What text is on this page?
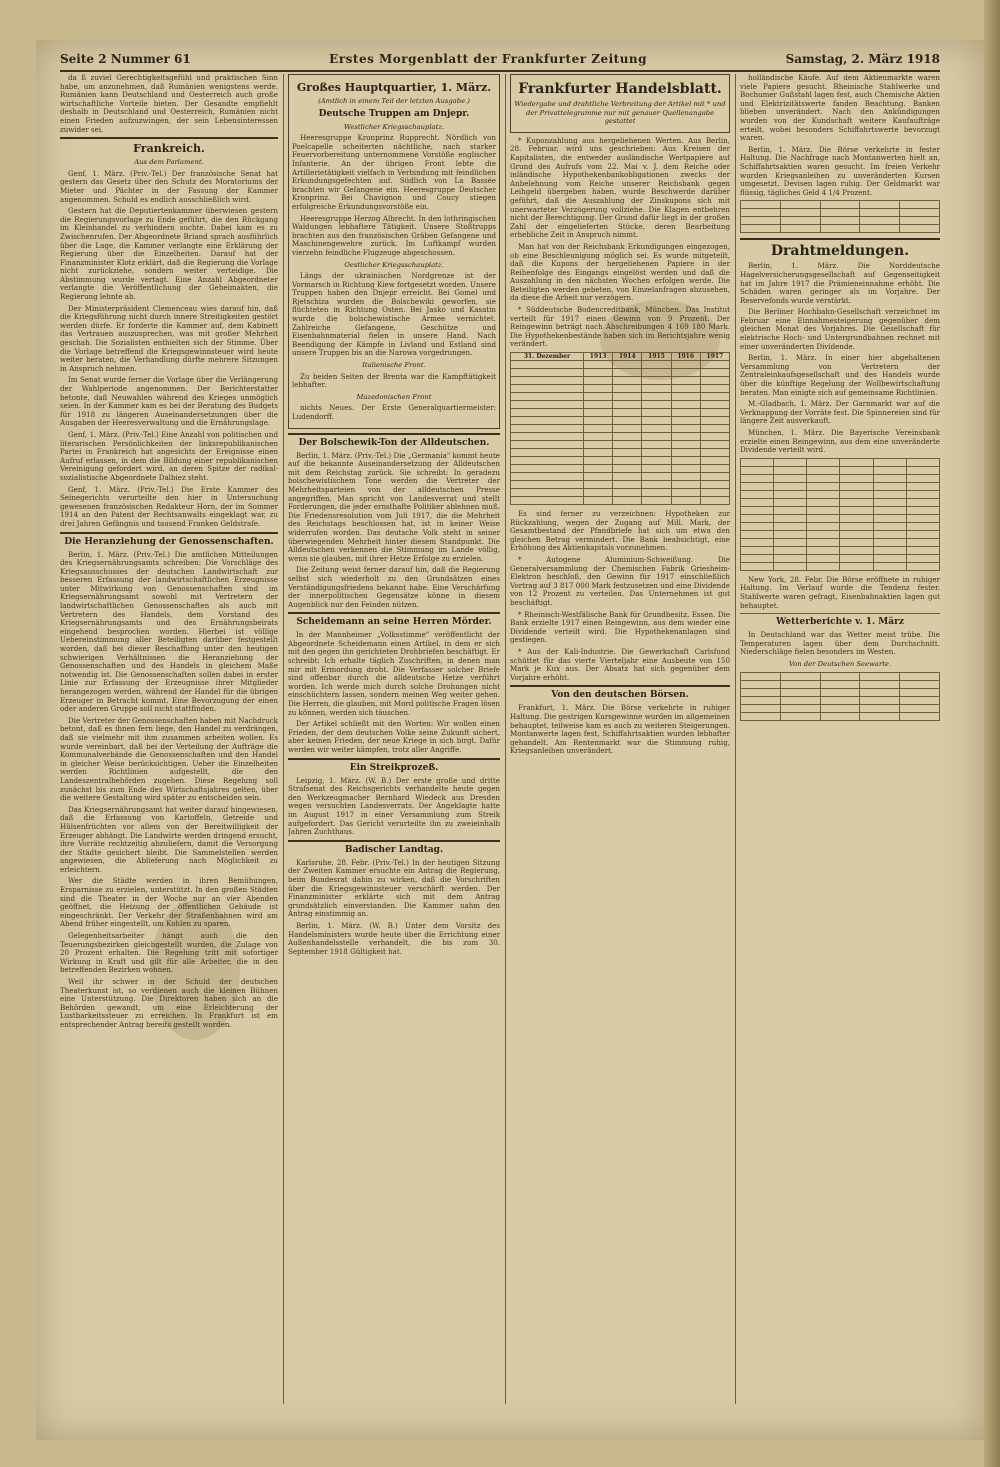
Seite 2 Nummer 61	Erstes Morgenblatt der Frankfurter Zeitung	Samstag, 2. März 1918

da ß zuviel Gerechtigkeitsgefühl und praktischen Sinn habe, um anzunehmen, daß Rumänien wenigstens werde. Rumänien kann Deutschland und Oesterreich auch große wirtschaftliche Vorteile bieten. Der Gesandte empfiehlt deshalb in Deutschland und Oesterreich, Rumänien nicht einen Frieden aufzuzwingen, der sein Lebensinteressen zuwider sei.

Frankreich.
Aus dem Parlament.

Genf, 1. März. (Priv.-Tel.) Der französische Senat hat gestern das Gesetz über den Schutz des Moratoriums der Mieter und Pächter in der Fassung der Kammer angenommen. Schuld es endlich ausschließlich wird.

Gestern hat die Deputiertenkammer überwiesen gestern die Regierungsvorlage zu Ende geführt, die den Rückgang im Kleinhandel zu verhindern suchte. Dabei kam es zu Zwischenrufen. Der Abgeordnete Briand sprach ausführlich über die Lage, die Kammer verlangte eine Erklärung der Regierung über die Einzelheiten. Darauf hat der Finanzminister Klotz erklärt, daß die Regierung die Vorlage nicht zurückziehe, sondern weiter verteidige. Die Abstimmung wurde vertagt. Eine Anzahl Abgeordneter verlangte die Veröffentlichung der Geheimakten, die Regierung lehnte ab.

Der Ministerpräsident Clemenceau wies darauf hin, daß die Kriegsführung nicht durch innere Streitigkeiten gestört werden dürfe. Er forderte die Kammer auf, dem Kabinett das Vertrauen auszusprechen, was mit großer Mehrheit geschah. Die Sozialisten enthielten sich der Stimme. Über die Vorlage betreffend die Kriegsgewinnsteuer wird heute weiter beraten, die Verhandlung dürfte mehrere Sitzungen in Anspruch nehmen.

Im Senat wurde ferner die Vorlage über die Verlängerung der Wahlperiode angenommen. Der Berichterstatter betonte, daß Neuwahlen während des Krieges unmöglich seien. In der Kammer kam es bei der Beratung des Budgets für 1918 zu längeren Auseinandersetzungen über die Ausgaben der Heeresverwaltung und die Ernährungslage.

Genf, 1. März. (Priv.-Tel.) Eine Anzahl von politischen und literarischen Persönlichkeiten der linksrepublikanischen Partei in Frankreich hat angesichts der Ereignisse einen Aufruf erlassen, in dem die Bildung einer republikanischen Vereinigung gefordert wird, an deren Spitze der radikal-sozialistische Abgeordnete Dalbiez steht.

Genf, 1. März. (Priv.-Tel.) Die Erste Kammer des Seinegerichts verurteilte den hier in Untersuchung gewesenen französischen Redakteur Horn, der im Sommer 1914 an den Patent der Rechtsanwalts eingeklagt war, zu drei Jahren Gefängnis und tausend Franken Geldstrafe.

Die Heranziehung der Genossenschaften.

Berlin, 1. März. (Priv.-Tel.) Die amtlichen Mitteilungen des Kriegsernährungsamts schreiben: Die Vorschläge des Kriegsausschusses der deutschen Landwirtschaft zur besseren Erfassung der landwirtschaftlichen Erzeugnisse unter Mitwirkung von Genossenschaften sind im Kriegsernährungsamt sowohl mit Vertretern der landwirtschaftlichen Genossenschaften als auch mit Vertretern des Handels, dem Vorstand des Kriegsernährungsamts und des Ernährungsbeirats eingehend besprochen worden. Hierbei ist völlige Uebereinstimmung aller Beteiligten darüber festgestellt worden, daß bei dieser Beschaffung unter den heutigen schwierigen Verhältnissen die Heranziehung der Genossenschaften und des Handels in gleichem Maße notwendig ist. Die Genossenschaften sollen dabei in erster Linie zur Erfassung der Erzeugnisse ihrer Mitglieder herangezogen werden, während der Handel für die übrigen Erzeuger in Betracht kommt. Eine Bevorzugung der einen oder anderen Gruppe soll nicht stattfinden.

Die Vertreter der Genossenschaften haben mit Nachdruck betont, daß es ihnen fern liege, den Handel zu verdrängen, daß sie vielmehr mit ihm zusammen arbeiten wollen. Es wurde vereinbart, daß bei der Verteilung der Aufträge die Kommunalverbände die Genossenschaften und den Handel in gleicher Weise berücksichtigen. Ueber die Einzelheiten werden Richtlinien aufgestellt, die den Landeszentralbehörden zugehen. Diese Regelung soll zunächst bis zum Ende des Wirtschaftsjahres gelten, über die weitere Gestaltung wird später zu entscheiden sein.

Das Kriegsernährungsamt hat weiter darauf hingewiesen, daß die Erfassung von Kartoffeln, Getreide und Hülsenfrüchten vor allem von der Bereitwilligkeit der Erzeuger abhängt. Die Landwirte werden dringend ersucht, ihre Vorräte rechtzeitig abzuliefern, damit die Versorgung der Städte gesichert bleibt. Die Sammelstellen werden angewiesen, die Ablieferung nach Möglichkeit zu erleichtern.

Wer die Städte werden in ihren Bemühungen, Ersparnisse zu erzielen, unterstützt. In den großen Städten sind die Theater in der Woche nur an vier Abenden geöffnet, die Heizung der öffentlichen Gebäude ist eingeschränkt. Der Verkehr der Straßenbahnen wird am Abend früher eingestellt, um Kohlen zu sparen.

Gelegenheitsarbeiter hängt auch die den Teuerungsbezirken gleichgestellt wurden, die Zulage von 20 Prozent erhalten. Die Regelung tritt mit sofortiger Wirkung in Kraft und gilt für alle Arbeiter, die in den betreffenden Bezirken wohnen.

Weil ihr schwer in der Schuld der deutschen Theaterkunst ist, so verdienen auch die kleinen Bühnen eine Unterstützung. Die Direktoren haben sich an die Behörden gewandt, um eine Erleichterung der Lustbarkeitssteuer zu erreichen. In Frankfurt ist ein entsprechender Antrag bereits gestellt worden.

Großes Hauptquartier, 1. März.
(Amtlich in einem Teil der letzten Ausgabe.)
Deutsche Truppen am Dnjepr.
Westlicher Kriegsschauplatz.

Heeresgruppe Kronprinz Rupprecht. Nördlich von Poelcapelle scheiterten nächtliche, nach starker Feuervorbereitung unternommene Vorstöße englischer Infanterie. An der übrigen Front lebte die Artillerietätigkeit vielfach in Verbindung mit feindlichen Erkundungsgefechten auf. Südlich von La Bassée brachten wir Gefangene ein. Heeresgruppe Deutscher Kronprinz. Bei Chavignon und Coucy stiegen erfolgreiche Erkundungsvorstöße ein.

Heeresgruppe Herzog Albrecht. In den lothringischen Waldungen lebhaftere Tätigkeit. Unsere Stoßtrupps brachten aus den französischen Gräben Gefangene und Maschinengewehre zurück. Im Luftkampf wurden vierzehn feindliche Flugzeuge abgeschossen.

Oestlicher Kriegsschauplatz.

Längs der ukrainischen Nordgrenze ist der Vormarsch in Richtung Kiew fortgesetzt worden. Unsere Truppen haben den Dnjepr erreicht. Bei Gomel und Rjetschiza wurden die Bolschewiki geworfen, sie flüchteten in Richtung Osten. Bei Jasko und Kasatin wurde die bolschewistische Armee vernichtet. Zahlreiche Gefangene, Geschütze und Eisenbahnmaterial fielen in unsere Hand. Nach Beendigung der Kämpfe in Livland und Estland sind unsere Truppen bis an die Narowa vorgedrungen.

Italienische Front.

Zu beiden Seiten der Brenta war die Kampftätigkeit lebhafter.

Mazedonischen Front

nichts Neues. Der Erste Generalquartiermeister: Ludendorff.

Der Bolschewik-Ton der Alldeutschen.

Berlin, 1. März. (Priv.-Tel.) Die „Germania" kommt heute auf die bekannte Auseinandersetzung der Alldeutschen mit dem Reichstag zurück. Sie schreibt: In geradezu bolschewistischem Tone werden die Vertreter der Mehrheitsparteien von der alldeutschen Presse angegriffen. Man spricht von Landesverrat und stellt Forderungen, die jeder ernsthafte Politiker ablehnen muß. Die Friedensresolution vom Juli 1917, die die Mehrheit des Reichstags beschlossen hat, ist in keiner Weise widerrufen worden. Das deutsche Volk steht in seiner überwiegenden Mehrheit hinter diesem Standpunkt. Die Alldeutschen verkennen die Stimmung im Lande völlig, wenn sie glauben, mit ihrer Hetze Erfolge zu erzielen.

Die Zeitung weist ferner darauf hin, daß die Regierung selbst sich wiederholt zu den Grundsätzen eines Verständigungsfriedens bekannt habe. Eine Verschärfung der innerpolitischen Gegensätze könne in diesem Augenblick nur den Feinden nützen.

Scheidemann an seine Herren Mörder.

In der Mannheimer „Volksstimme" veröffentlicht der Abgeordnete Scheidemann einen Artikel, in dem er sich mit den gegen ihn gerichteten Drohbriefen beschäftigt. Er schreibt: Ich erhalte täglich Zuschriften, in denen man mir mit Ermordung droht. Die Verfasser solcher Briefe sind offenbar durch die alldeutsche Hetze verführt worden. Ich werde mich durch solche Drohungen nicht einschüchtern lassen, sondern meinen Weg weiter gehen. Die Herren, die glauben, mit Mord politische Fragen lösen zu können, werden sich täuschen.

Der Artikel schließt mit den Worten: Wir wollen einen Frieden, der dem deutschen Volke seine Zukunft sichert, aber keinen Frieden, der neue Kriege in sich birgt. Dafür werden wir weiter kämpfen, trotz aller Angriffe.

Ein Streikprozeß.

Leipzig, 1. März. (W. B.) Der erste große und dritte Strafsenat des Reichsgerichts verhandelte heute gegen den Werkzeugmacher Bernhard Wiedeck aus Dresden wegen versuchten Landesverrats. Der Angeklagte hatte im August 1917 in einer Versammlung zum Streik aufgefordert. Das Gericht verurteilte ihn zu zweieinhalb Jahren Zuchthaus.

Badischer Landtag.

Karlsruhe, 28. Febr. (Priv.-Tel.) In der heutigen Sitzung der Zweiten Kammer ersuchte ein Antrag die Regierung, beim Bundesrat dahin zu wirken, daß die Vorschriften über die Kriegsgewinnsteuer verschärft werden. Der Finanzminister erklärte sich mit dem Antrag grundsätzlich einverstanden. Die Kammer nahm den Antrag einstimmig an.

Berlin, 1. März. (W. B.) Unter dem Vorsitz des Handelsministers wurde heute über die Errichtung einer Außenhandelsstelle verhandelt, die bis zum 30. September 1918 Gültigkeit hat.

Frankfurter Handelsblatt.
Wiedergabe und drahtliche Verbreitung der Artikel mit * und der Privattelegramme nur mit genauer Quellenangabe gestattet

* Kuponzahlung aus hergeliehenen Werten. Aus Berlin, 28. Februar, wird uns geschrieben: Aus Kreisen der Kapitalisten, die entweder ausländische Wertpapiere auf Grund des Aufrufs vom 22. Mai v. J. dem Reiche oder inländische Hypothekenbankobligationen zwecks der Anbelehnung vom Reiche unserer Reichsbank gegen Leihgeld übergeben haben, wurde Beschwerde darüber geführt, daß die Auszahlung der Zinskupons sich mit unerwarteter Verzögerung vollziehe. Die Klagen entbehren nicht der Berechtigung. Der Grund dafür liegt in der großen Zahl der eingelieferten Stücke, deren Bearbeitung erhebliche Zeit in Anspruch nimmt.

Man hat von der Reichsbank Erkundigungen eingezogen, ob eine Beschleunigung möglich sei. Es wurde mitgeteilt, daß die Kupons der hergeliehenen Papiere in der Reihenfolge des Eingangs eingelöst werden und daß die Auszahlung in den nächsten Wochen erfolgen werde. Die Beteiligten werden gebeten, von Einzelanfragen abzusehen, da diese die Arbeit nur verzögern.

* Süddeutsche Bodencreditbank, München. Das Institut verteilt für 1917 einen Gewinn von 9 Prozent. Der Reingewinn beträgt nach Abschreibungen 4 169 180 Mark. Die Hypothekenbestände haben sich im Berichtsjahre wenig verändert.

31. Dezember	1913	1914	1915	1916	1917

Es sind ferner zu verzeichnen: Hypotheken zur Rückzahlung, wegen der Zugang auf Mill. Mark, der Gesamtbestand der Pfandbriefe hat sich um etwa den gleichen Betrag vermindert. Die Bank beabsichtigt, eine Erhöhung des Aktienkapitals vorzunehmen.

* Autogene Aluminium-Schweißung. Die Generalversammlung der Chemischen Fabrik Griesheim-Elektron beschloß, den Gewinn für 1917 einschließlich Vortrag auf 3 817 000 Mark festzusetzen und eine Dividende von 12 Prozent zu verteilen. Das Unternehmen ist gut beschäftigt.

* Rheinisch-Westfälische Bank für Grundbesitz, Essen. Die Bank erzielte 1917 einen Reingewinn, aus dem wieder eine Dividende verteilt wird. Die Hypothekenanlagen sind gestiegen.

* Aus der Kali-Industrie. Die Gewerkschaft Carlsfund schüttet für das vierte Vierteljahr eine Ausbeute von 150 Mark je Kux aus. Der Absatz hat sich gegenüber dem Vorjahre erhöht.

Von den deutschen Börsen.

Frankfurt, 1. März. Die Börse verkehrte in ruhiger Haltung. Die gestrigen Kursgewinne wurden im allgemeinen behauptet, teilweise kam es auch zu weiteren Steigerungen. Montanwerte lagen fest, Schiffahrtsaktien wurden lebhafter gehandelt. Am Rentenmarkt war die Stimmung ruhig, Kriegsanleihen unverändert.

holländische Käufe. Auf dem Aktienmarkte waren viele Papiere gesucht. Rheinische Stahlwerke und Bochumer Gußstahl lagen fest, auch Chemische Aktien und Elektrizitätswerte fanden Beachtung. Banken blieben unverändert. Nach den Ankündigungen wurden von der Kundschaft weitere Kaufaufträge erteilt, wobei besonders Schiffahrtswerte bevorzugt waren.

Berlin, 1. März. Die Börse verkehrte in fester Haltung. Die Nachfrage nach Montanwerten hielt an, Schiffahrtsaktien waren gesucht. Im freien Verkehr wurden Kriegsanleihen zu unveränderten Kursen umgesetzt. Devisen lagen ruhig. Der Geldmarkt war flüssig, tägliches Geld 4 1/4 Prozent.

Drahtmeldungen.

Berlin, 1. März. Die Norddeutsche Hagelversicherungsgesellschaft auf Gegenseitigkeit hat im Jahre 1917 die Prämieneinnahme erhöht. Die Schäden waren geringer als im Vorjahre. Der Reservefonds wurde verstärkt.

Die Berliner Hochbahn-Gesellschaft verzeichnet im Februar eine Einnahmesteigerung gegenüber dem gleichen Monat des Vorjahres. Die Gesellschaft für elektrische Hoch- und Untergrundbahnen rechnet mit einer unveränderten Dividende.

Berlin, 1. März. In einer hier abgehaltenen Versammlung von Vertretern der Zentraleinkaufsgesellschaft und des Handels wurde über die künftige Regelung der Wollbewirtschaftung beraten. Man einigte sich auf gemeinsame Richtlinien.

M.-Gladbach, 1. März. Der Garnmarkt war auf die Verknappung der Vorräte fest. Die Spinnereien sind für längere Zeit ausverkauft.

München, 1. März. Die Bayerische Vereinsbank erzielte einen Reingewinn, aus dem eine unveränderte Dividende verteilt wird.

New York, 28. Febr. Die Börse eröffnete in ruhiger Haltung. Im Verlauf wurde die Tendenz fester. Stahlwerte waren gefragt, Eisenbahnaktien lagen gut behauptet.

Wetterberichte v. 1. März

In Deutschland war das Wetter meist trübe. Die Temperaturen lagen über dem Durchschnitt. Niederschläge fielen besonders im Westen.

Von der Deutschen Seewarte.
